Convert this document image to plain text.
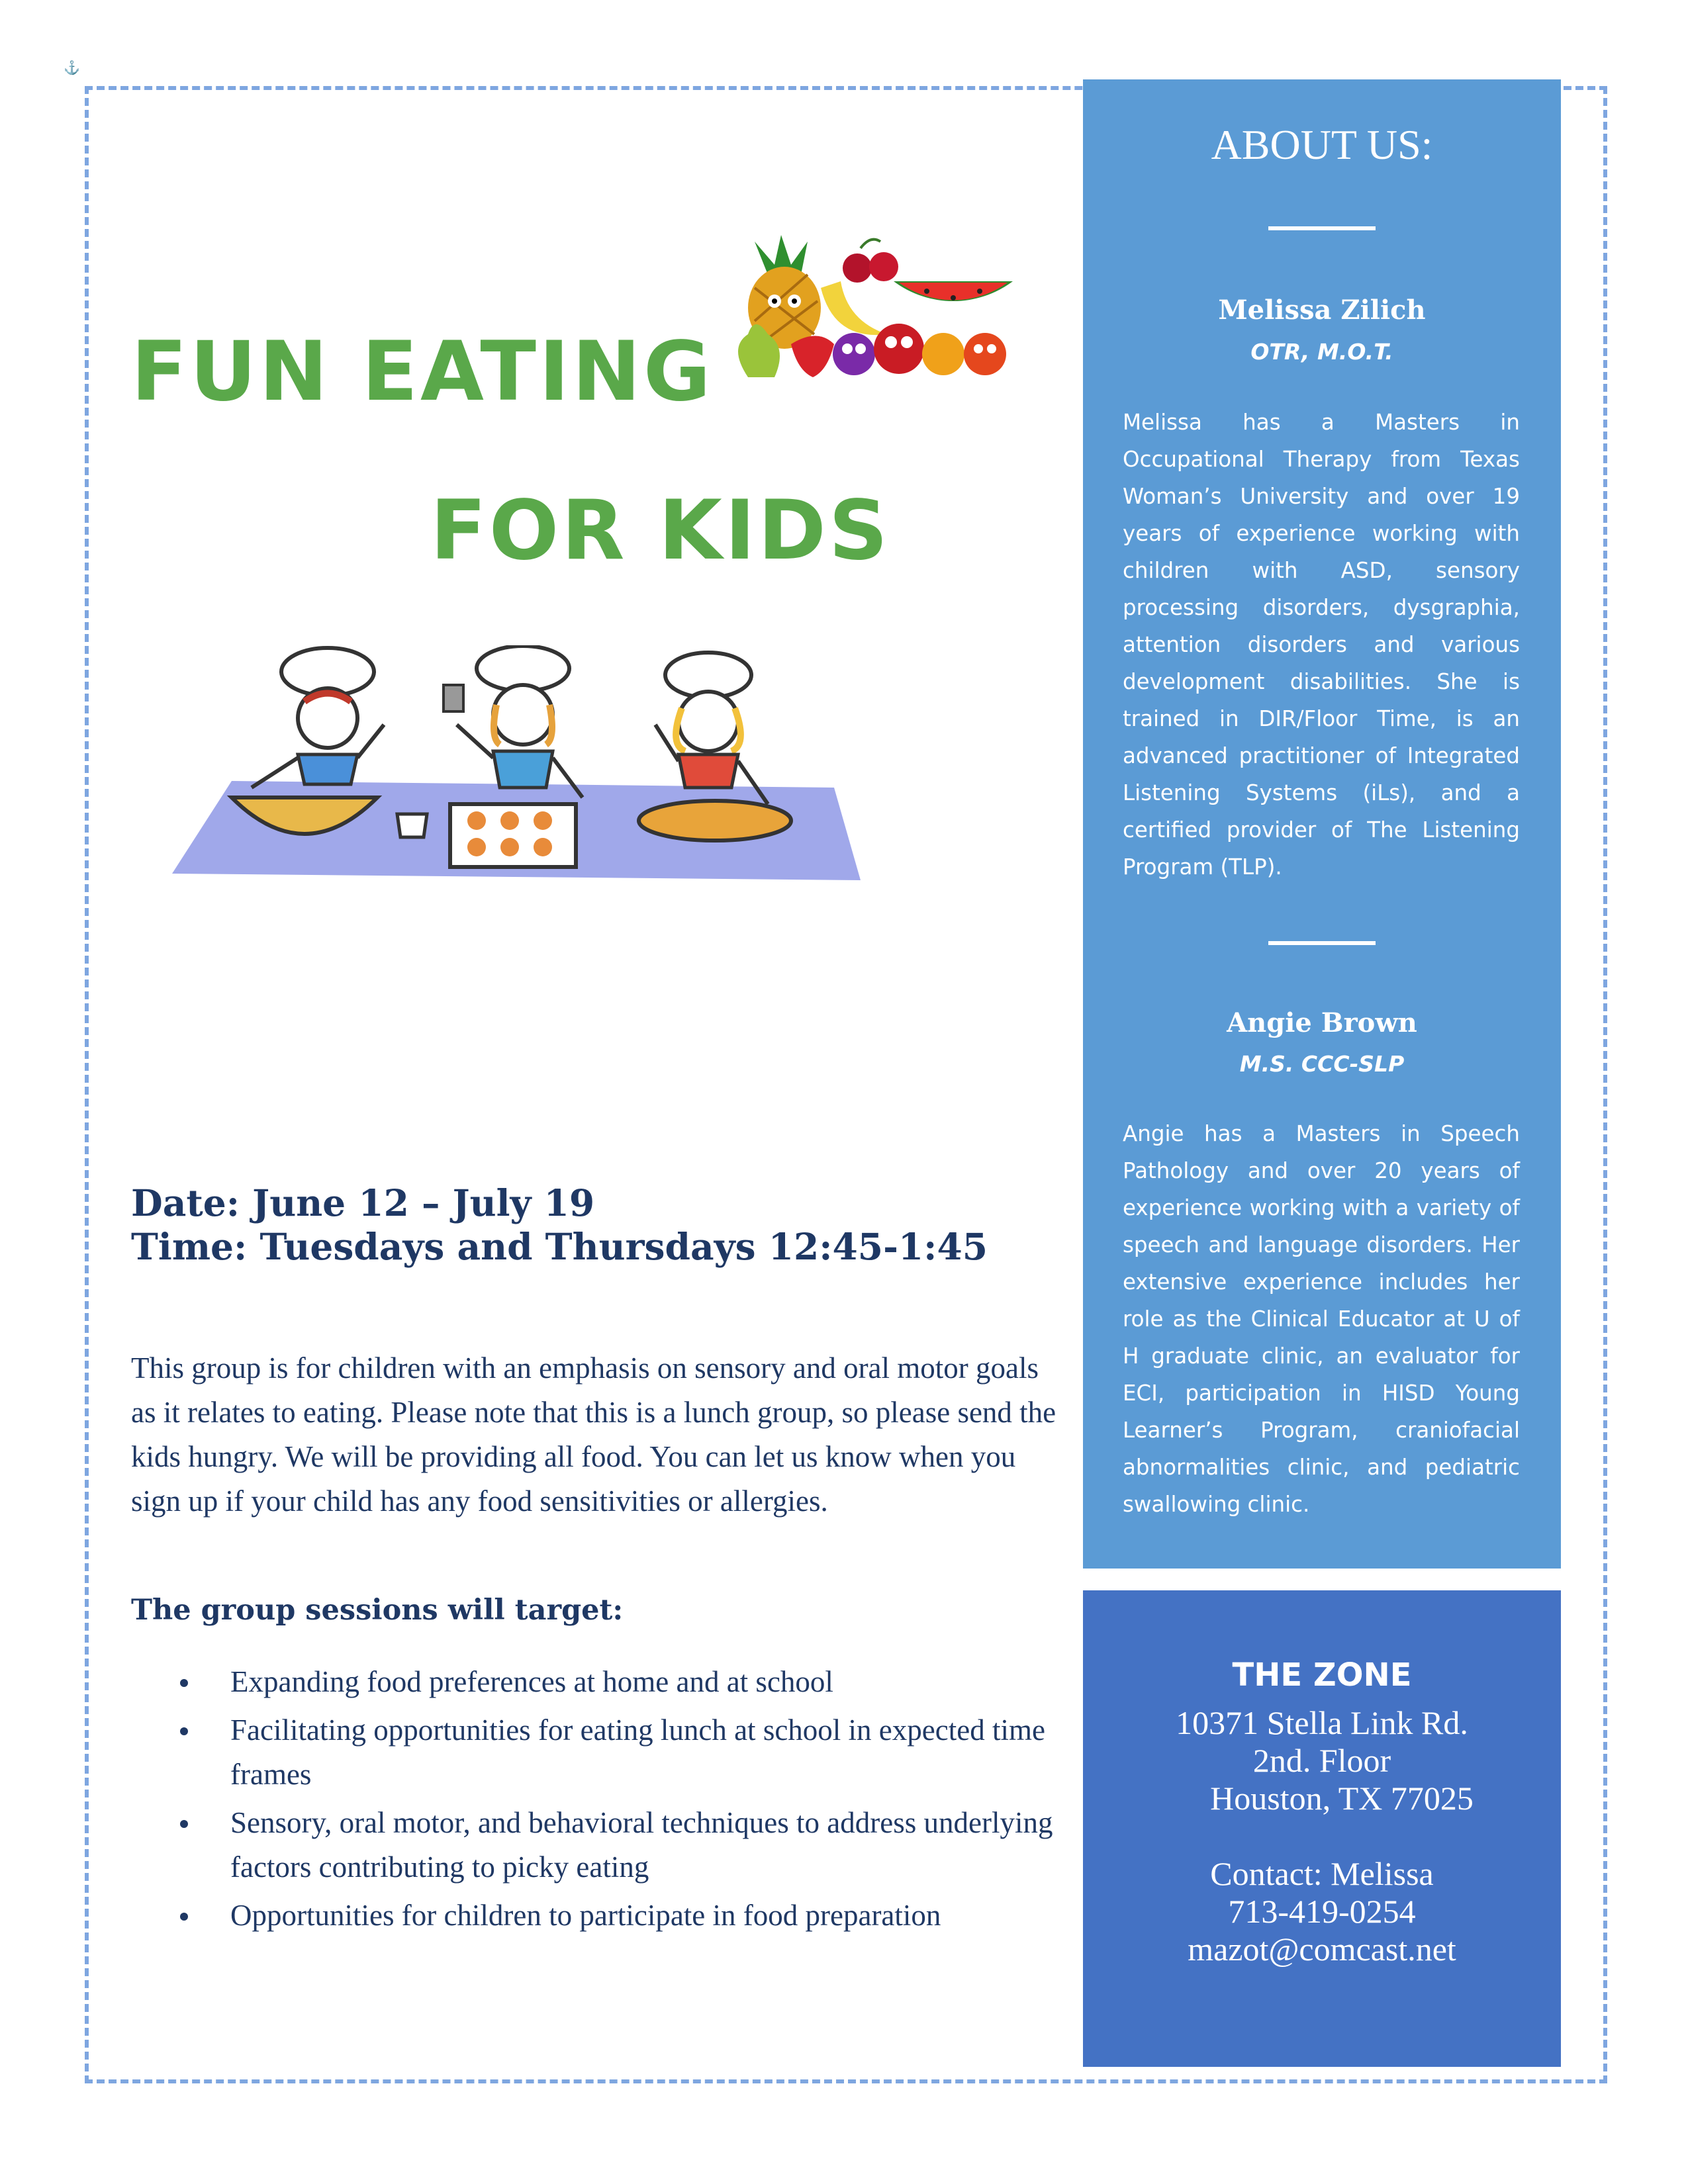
⚓
FUN EATING
FOR KIDS
Date: June 12 – July 19
Time: Tuesdays and Thursdays 12:45-1:45
This group is for children with an emphasis on sensory and oral motor goals as it relates to eating. Please note that this is a lunch group, so please send the kids hungry. We will be providing all food. You can let us know when you sign up if your child has any food sensitivities or allergies.
The group sessions will target:
Expanding food preferences at home and at school
Facilitating opportunities for eating lunch at school in expected time frames
Sensory, oral motor, and behavioral techniques to address underlying factors contributing to picky eating
Opportunities for children to participate in food preparation
ABOUT US:
Melissa Zilich
OTR, M.O.T.
Melissa has a Masters in Occupational Therapy from Texas Woman’s University and over 19 years of experience working with children with ASD, sensory processing disorders, dysgraphia, attention disorders and various development disabilities. She is trained in DIR/Floor Time, is an advanced practitioner of Integrated Listening Systems (iLs), and a certified provider of The Listening Program (TLP).
Angie Brown
M.S. CCC-SLP
Angie has a Masters in Speech Pathology and over 20 years of experience working with a variety of speech and language disorders. Her extensive experience includes her role as the Clinical Educator at U of H graduate clinic, an evaluator for ECI, participation in HISD Young Learner’s Program, craniofacial abnormalities clinic, and pediatric swallowing clinic.
THE ZONE
10371 Stella Link Rd.
2nd. Floor
Houston, TX 77025
Contact: Melissa
713-419-0254
mazot@comcast.net
